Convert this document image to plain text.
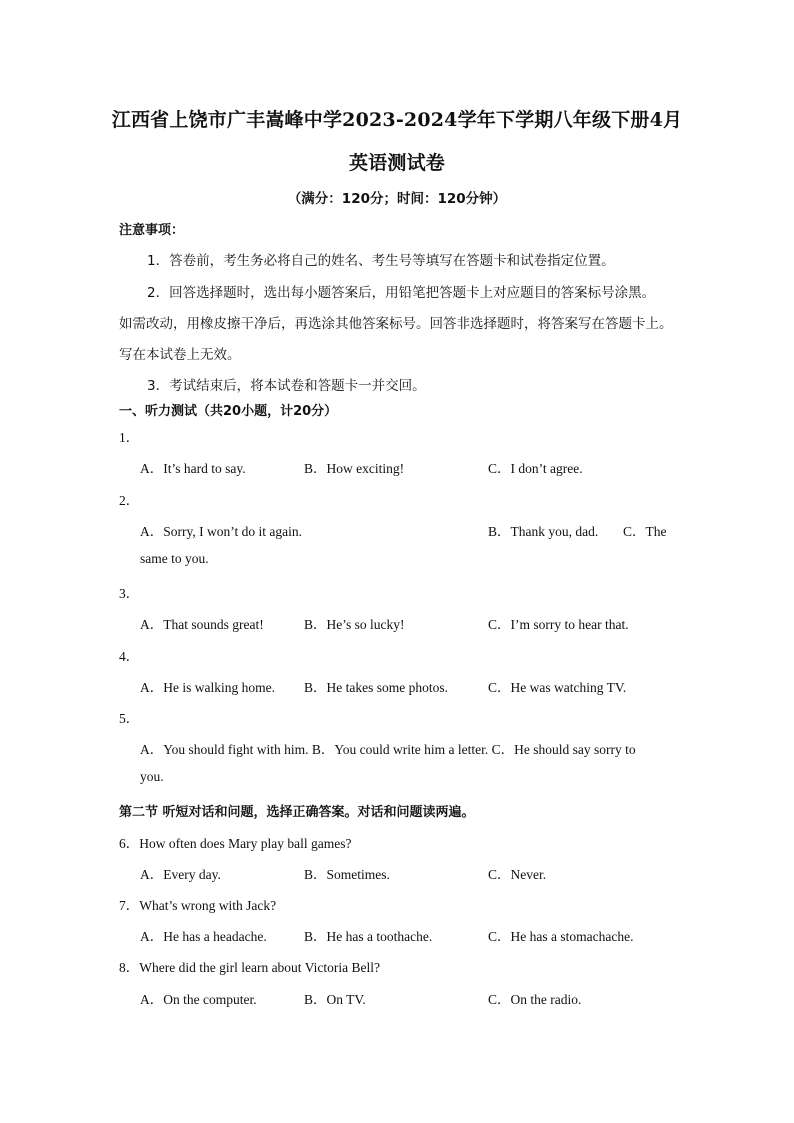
江西省上饶市广丰嵩峰中学2023-2024学年下学期八年级下册4月
英语测试卷
（满分：120分；时间：120分钟）
注意事项：
1．答卷前，考生务必将自己的姓名、考生号等填写在答题卡和试卷指定位置。
2．回答选择题时，选出每小题答案后，用铅笔把答题卡上对应题目的答案标号涂黑。
如需改动，用橡皮擦干净后，再选涂其他答案标号。回答非选择题时，将答案写在答题卡上。
写在本试卷上无效。
3．考试结束后，将本试卷和答题卡一并交回。
一、听力测试（共20小题，计20分）
1．
A．It’s hard to say.	B．How exciting!	C．I don’t agree.
2．
A．Sorry, I won’t do it again.	B．Thank you, dad. C．The
same to you.
3．
A．That sounds great!	B．He’s so lucky!	C．I’m sorry to hear that.
4．
A．He is walking home. B．He takes some photos.	C．He was watching TV.
5．
A．You should fight with him. B．You could write him a letter. C．He should say sorry to
you.
第二节 听短对话和问题，选择正确答案。对话和问题读两遍。
6．How often does Mary play ball games?
A．Every day.	B．Sometimes.	C．Never.
7．What’s wrong with Jack?
A．He has a headache.	B．He has a toothache.	C．He has a stomachache.
8．Where did the girl learn about Victoria Bell?
A．On the computer.	B．On TV.	C．On the radio.
